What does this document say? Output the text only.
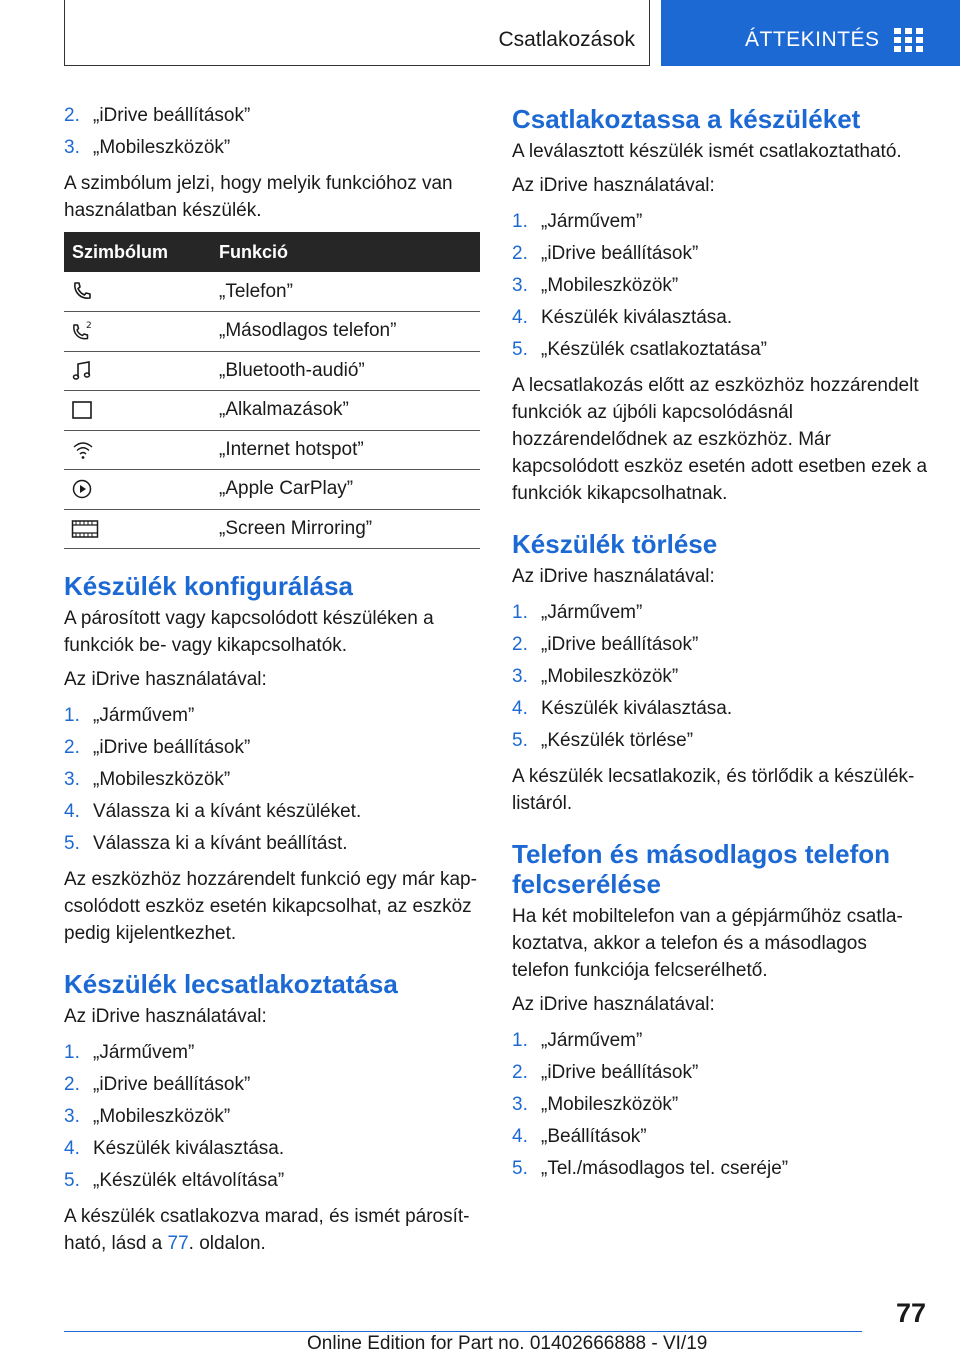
Csatlakozások	ÁTTEKINTÉS
2. „iDrive beállítások”
3. „Mobileszközök”

A szimbólum jelzi, hogy melyik funkcióhoz van használatban készülék.

Szimbólum	Funkció
	„Telefon”

2	„Másodlagos telefon”
	„Bluetooth-audió”
	„Alkalmazások”
	„Internet hotspot”
	„Apple CarPlay”
	„Screen Mirroring”
Készülék konfigurálása

A párosított vagy kapcsolódott készüléken a funkciók be- vagy kikapcsolhatók.

Az iDrive használatával:

1. „Járművem”
2. „iDrive beállítások”
3. „Mobileszközök”
4. Válassza ki a kívánt készüléket.
5. Válassza ki a kívánt beállítást.

Az eszközhöz hozzárendelt funkció egy már kapcsolódott eszköz esetén kikapcsolhat, az eszköz pedig kijelentkezhet.

Készülék lecsatlakoztatása

Az iDrive használatával:

1. „Járművem”
2. „iDrive beállítások”
3. „Mobileszközök”
4. Készülék kiválasztása.
5. „Készülék eltávolítása”

A készülék csatlakozva marad, és ismét párosítható, lásd a 77. oldalon.

Csatlakoztassa a készüléket

A leválasztott készülék ismét csatlakoztatható.

Az iDrive használatával:

1. „Járművem”
2. „iDrive beállítások”
3. „Mobileszközök”
4. Készülék kiválasztása.
5. „Készülék csatlakoztatása”

A lecsatlakozás előtt az eszközhöz hozzárendelt funkciók az újbóli kapcsolódásnál hozzárendelődnek az eszközhöz. Már kapcsolódott eszköz esetén adott esetben ezek a funkciók kikapcsolhatnak.

Készülék törlése

Az iDrive használatával:

1. „Járművem”
2. „iDrive beállítások”
3. „Mobileszközök”
4. Készülék kiválasztása.
5. „Készülék törlése”

A készülék lecsatlakozik, és törlődik a készüléklistáról.

Telefon és másodlagos telefon felcserélése

Ha két mobiltelefon van a gépjárműhöz csatlakoztatva, akkor a telefon és a másodlagos telefon funkciója felcserélhető.

Az iDrive használatával:

1. „Járművem”
2. „iDrive beállítások”
3. „Mobileszközök”
4. „Beállítások”
5. „Tel./másodlagos tel. cseréje”
77
Online Edition for Part no. 01402666888 - VI/19
